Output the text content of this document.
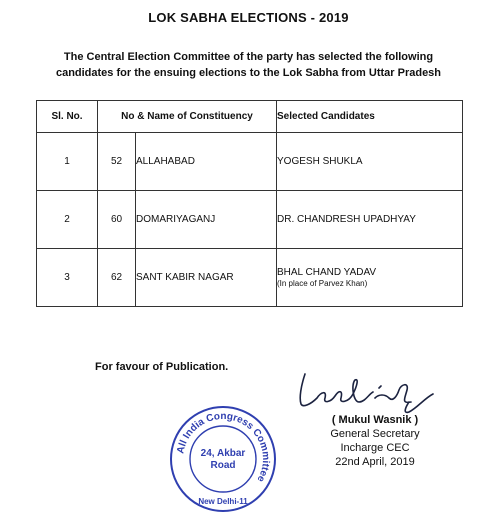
LOK SABHA ELECTIONS - 2019
The Central Election Committee of the party has selected the following
candidates for the ensuing elections to the Lok Sabha from Uttar Pradesh
Sl. No.	No & Name of Constituency		Selected Candidates
1	52	ALLAHABAD	YOGESH SHUKLA
2	60	DOMARIYAGANJ	DR. CHANDRESH UPADHYAY
3	62	SANT KABIR NAGAR	BHAL CHAND YADAV
(In place of Parvez Khan)
For favour of Publication.
( Mukul Wasnik )
General Secretary
Incharge CEC
22nd April, 2019
All India Congress Committee
24, Akbar
Road
New Delhi-11
